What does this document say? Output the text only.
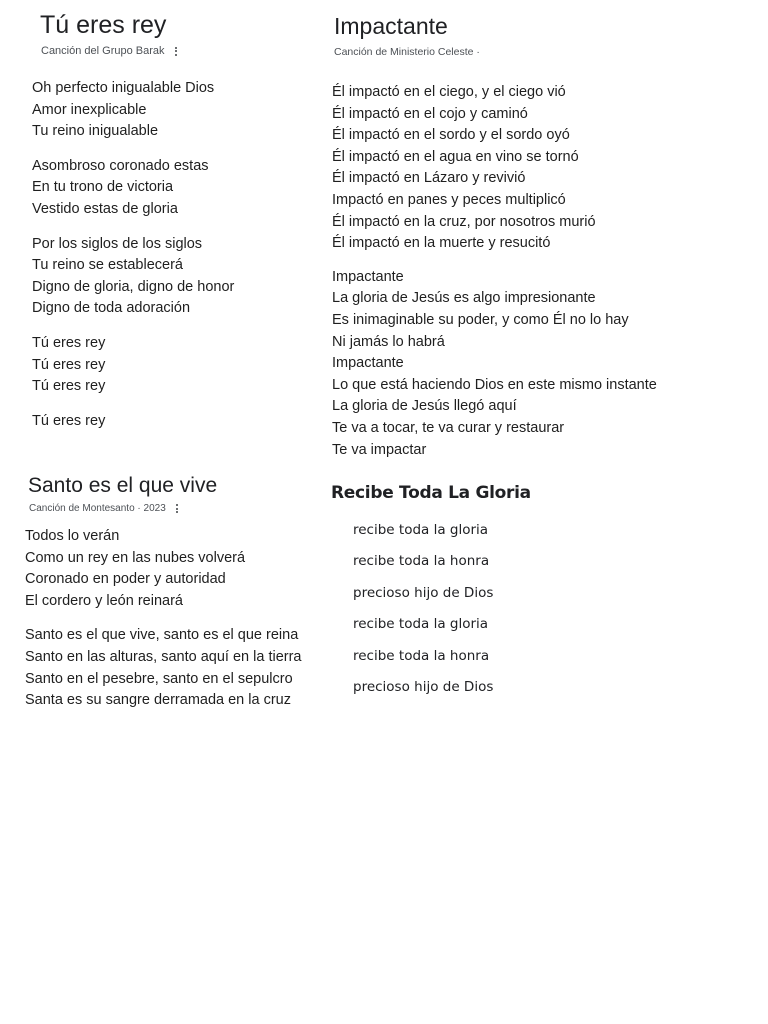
Tú eres rey
Canción del Grupo Barak
Oh perfecto inigualable Dios
Amor inexplicable
Tu reino inigualable
Asombroso coronado estas
En tu trono de victoria
Vestido estas de gloria
Por los siglos de los siglos
Tu reino se establecerá
Digno de gloria, digno de honor
Digno de toda adoración
Tú eres rey
Tú eres rey
Tú eres rey
Tú eres rey
Impactante
Canción de Ministerio Celeste ·
Él impactó en el ciego, y el ciego vió
Él impactó en el cojo y caminó
Él impactó en el sordo y el sordo oyó
Él impactó en el agua en vino se tornó
Él impactó en Lázaro y revivió
Impactó en panes y peces multiplicó
Él impactó en la cruz, por nosotros murió
Él impactó en la muerte y resucitó
Impactante
La gloria de Jesús es algo impresionante
Es inimaginable su poder, y como Él no lo hay
Ni jamás lo habrá
Impactante
Lo que está haciendo Dios en este mismo instante
La gloria de Jesús llegó aquí
Te va a tocar, te va curar y restaurar
Te va impactar
Santo es el que vive
Canción de Montesanto · 2023
Todos lo verán
Como un rey en las nubes volverá
Coronado en poder y autoridad
El cordero y león reinará
Santo es el que vive, santo es el que reina
Santo en las alturas, santo aquí en la tierra
Santo en el pesebre, santo en el sepulcro
Santa es su sangre derramada en la cruz
Recibe Toda La Gloria
recibe toda la gloria
recibe toda la honra
precioso hijo de Dios
recibe toda la gloria
recibe toda la honra
precioso hijo de Dios
